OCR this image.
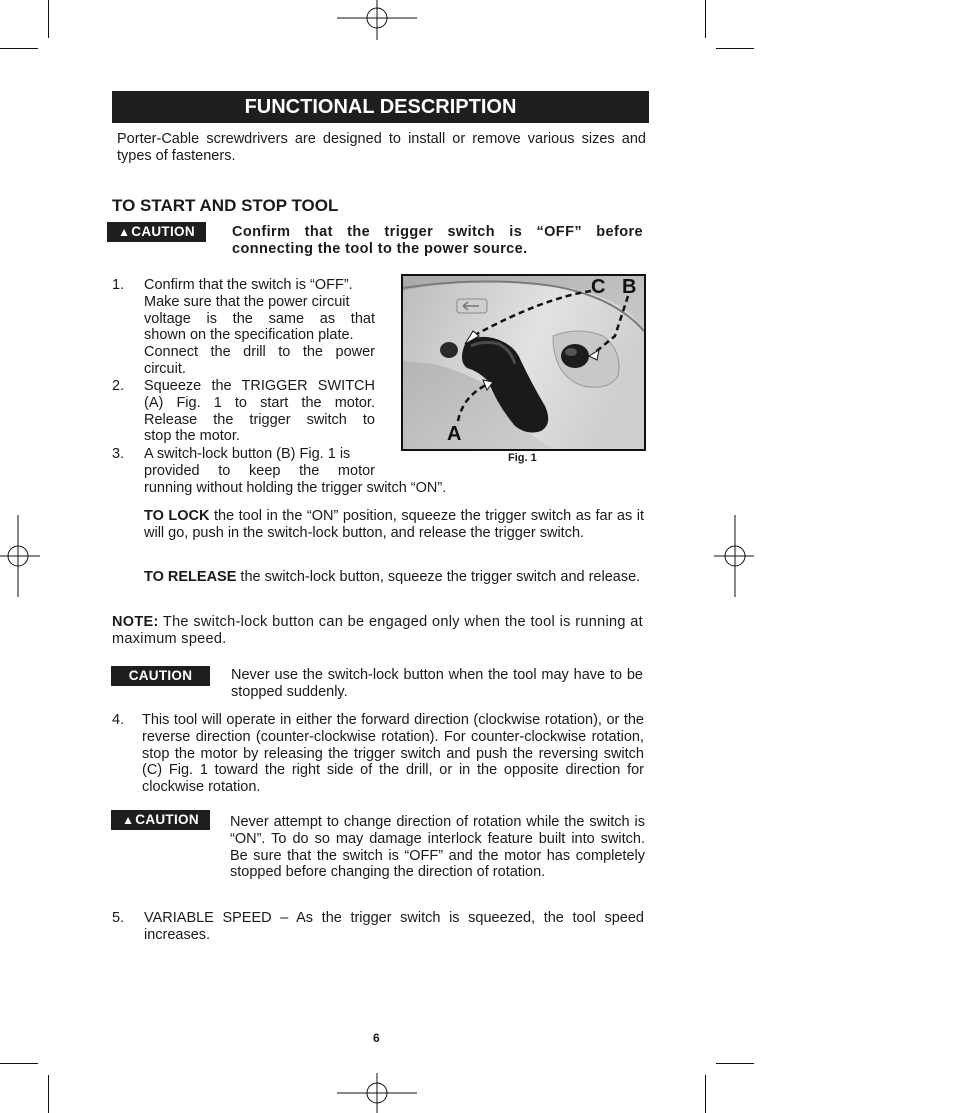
FUNCTIONAL DESCRIPTION
Porter-Cable screwdrivers are designed to install or remove various sizes and types of fasteners.
TO START AND STOP TOOL
▲CAUTION	Confirm that the trigger switch is “OFF” before connecting the tool to the power source.
1. Confirm that the switch is “OFF”.
Make sure that the power circuit
voltage is the same as that
shown on the specification plate.
Connect the drill to the power
circuit.
2. Squeeze the TRIGGER SWITCH
(A) Fig. 1 to start the motor.
Release the trigger switch to
stop the motor.
3. A switch-lock button (B) Fig. 1 is
provided to keep the motor
running without holding the trigger switch “ON”.
C B
A
Fig. 1
TO LOCK the tool in the “ON” position, squeeze the trigger switch as far as it will go, push in the switch-lock button, and release the trigger switch.
TO RELEASE the switch-lock button, squeeze the trigger switch and release.
NOTE: The switch-lock button can be engaged only when the tool is running at maximum speed.
CAUTION	Never use the switch-lock button when the tool may have to be stopped suddenly.
4. This tool will operate in either the forward direction (clockwise rotation), or the reverse direction (counter-clockwise rotation). For counter-clockwise rotation, stop the motor by releasing the trigger switch and push the reversing switch (C) Fig. 1 toward the right side of the drill, or in the opposite direction for clockwise rotation.
▲CAUTION	Never attempt to change direction of rotation while the switch is “ON”. To do so may damage interlock feature built into switch. Be sure that the switch is “OFF” and the motor has completely stopped before changing the direction of rotation.
5. VARIABLE SPEED – As the trigger switch is squeezed, the tool speed increases.
6
